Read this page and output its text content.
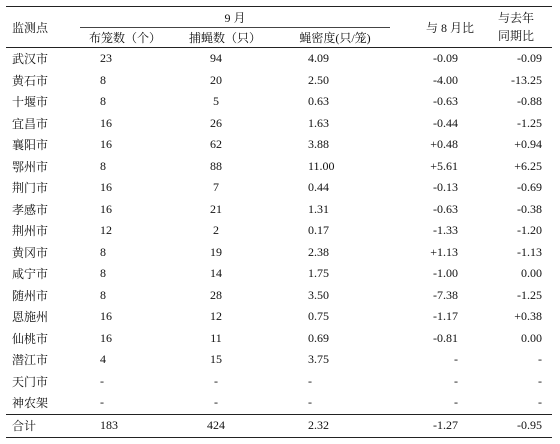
监测点	9 月			与 8 月比	与去年
同期比
	布笼数（个）	捕蝇数（只）	蝇密度(只/笼)		
武汉市	23	94	4.09	-0.09	-0.09
黄石市	8	20	2.50	-4.00	-13.25
十堰市	8	5	0.63	-0.63	-0.88
宜昌市	16	26	1.63	-0.44	-1.25
襄阳市	16	62	3.88	+0.48	+0.94
鄂州市	8	88	11.00	+5.61	+6.25
荆门市	16	7	0.44	-0.13	-0.69
孝感市	16	21	1.31	-0.63	-0.38
荆州市	12	2	0.17	-1.33	-1.20
黄冈市	8	19	2.38	+1.13	-1.13
咸宁市	8	14	1.75	-1.00	0.00
随州市	8	28	3.50	-7.38	-1.25
恩施州	16	12	0.75	-1.17	+0.38
仙桃市	16	11	0.69	-0.81	0.00
潜江市	4	15	3.75	-	-
天门市	-	-	-	-	-
神农架	-	-	-	-	-
合计	183	424	2.32	-1.27	-0.95
